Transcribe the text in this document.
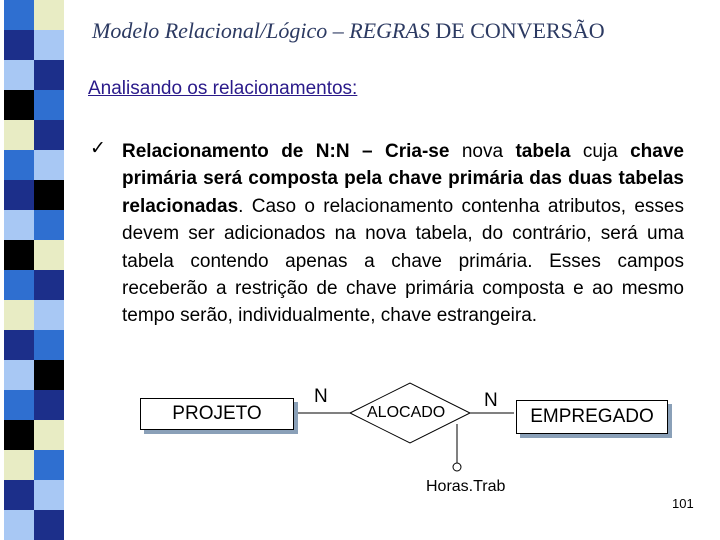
Modelo Relacional/Lógico – REGRAS DE CONVERSÃO
Analisando os relacionamentos:
✓ Relacionamento de N:N – Cria-se nova tabela cuja chave primária será composta pela chave primária das duas tabelas relacionadas. Caso o relacionamento contenha atributos, esses devem ser adicionados na nova tabela, do contrário, será uma tabela contendo apenas a chave primária. Esses campos receberão a restrição de chave primária composta e ao mesmo tempo serão, individualmente, chave estrangeira.

PROJETO	EMPREGADO
ALOCADO
N	N
Horas.Trab
101
